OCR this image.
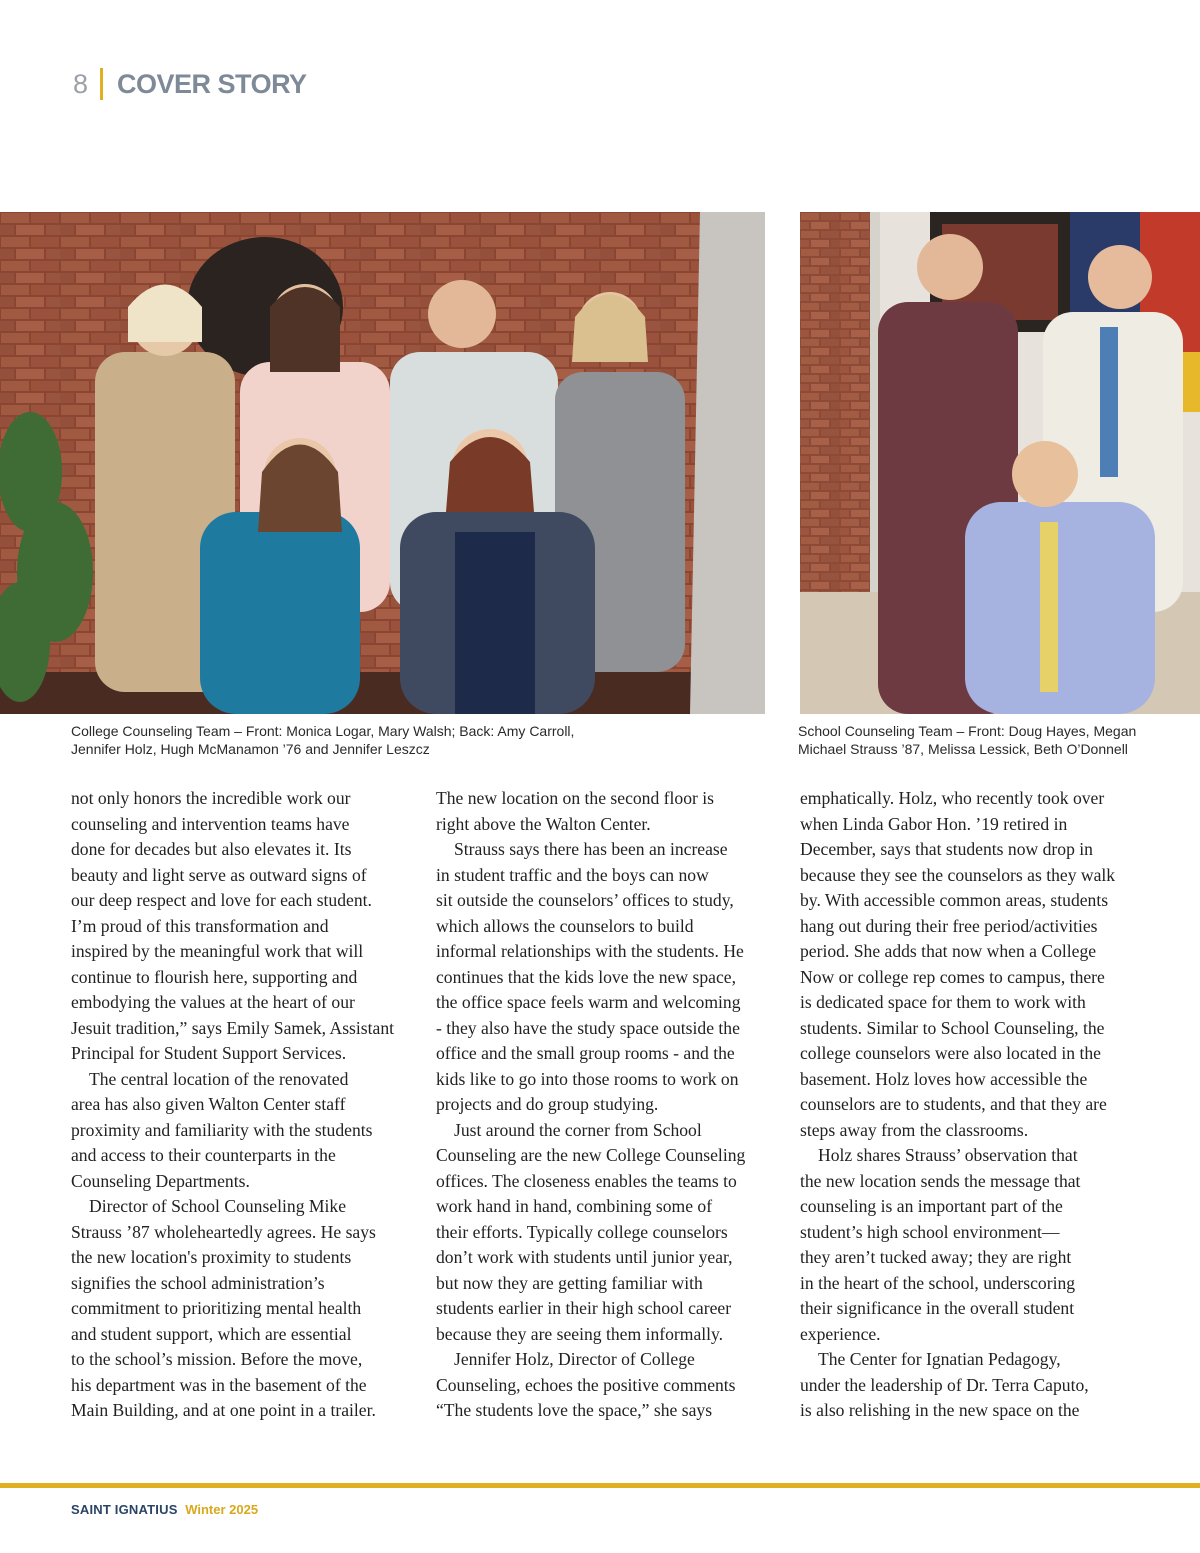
8 COVER STORY
College Counseling Team – Front: Monica Logar, Mary Walsh; Back: Amy Carroll,
Jennifer Holz, Hugh McManamon ’76 and Jennifer Leszcz
School Counseling Team – Front: Doug Hayes, Megan
Michael Strauss ’87, Melissa Lessick, Beth O’Donnell
not only honors the incredible work our
counseling and intervention teams have
done for decades but also elevates it. Its
beauty and light serve as outward signs of
our deep respect and love for each student.
I’m proud of this transformation and
inspired by the meaningful work that will
continue to flourish here, supporting and
embodying the values at the heart of our
Jesuit tradition,” says Emily Samek, Assistant
Principal for Student Support Services.
The central location of the renovated
area has also given Walton Center staff
proximity and familiarity with the students
and access to their counterparts in the
Counseling Departments.
Director of School Counseling Mike
Strauss ’87 wholeheartedly agrees. He says
the new location's proximity to students
signifies the school administration’s
commitment to prioritizing mental health
and student support, which are essential
to the school’s mission. Before the move,
his department was in the basement of the
Main Building, and at one point in a trailer.
The new location on the second floor is
right above the Walton Center.
Strauss says there has been an increase
in student traffic and the boys can now
sit outside the counselors’ offices to study,
which allows the counselors to build
informal relationships with the students. He
continues that the kids love the new space,
the office space feels warm and welcoming
- they also have the study space outside the
office and the small group rooms - and the
kids like to go into those rooms to work on
projects and do group studying.
Just around the corner from School
Counseling are the new College Counseling
offices. The closeness enables the teams to
work hand in hand, combining some of
their efforts. Typically college counselors
don’t work with students until junior year,
but now they are getting familiar with
students earlier in their high school career
because they are seeing them informally.
Jennifer Holz, Director of College
Counseling, echoes the positive comments
“The students love the space,” she says
emphatically. Holz, who recently took over
when Linda Gabor Hon. ’19 retired in
December, says that students now drop in
because they see the counselors as they walk
by. With accessible common areas, students
hang out during their free period/activities
period. She adds that now when a College
Now or college rep comes to campus, there
is dedicated space for them to work with
students. Similar to School Counseling, the
college counselors were also located in the
basement. Holz loves how accessible the
counselors are to students, and that they are
steps away from the classrooms.
Holz shares Strauss’ observation that
the new location sends the message that
counseling is an important part of the
student’s high school environment—
they aren’t tucked away; they are right
in the heart of the school, underscoring
their significance in the overall student
experience.
The Center for Ignatian Pedagogy,
under the leadership of Dr. Terra Caputo,
is also relishing in the new space on the
SAINT IGNATIUS Winter 2025
